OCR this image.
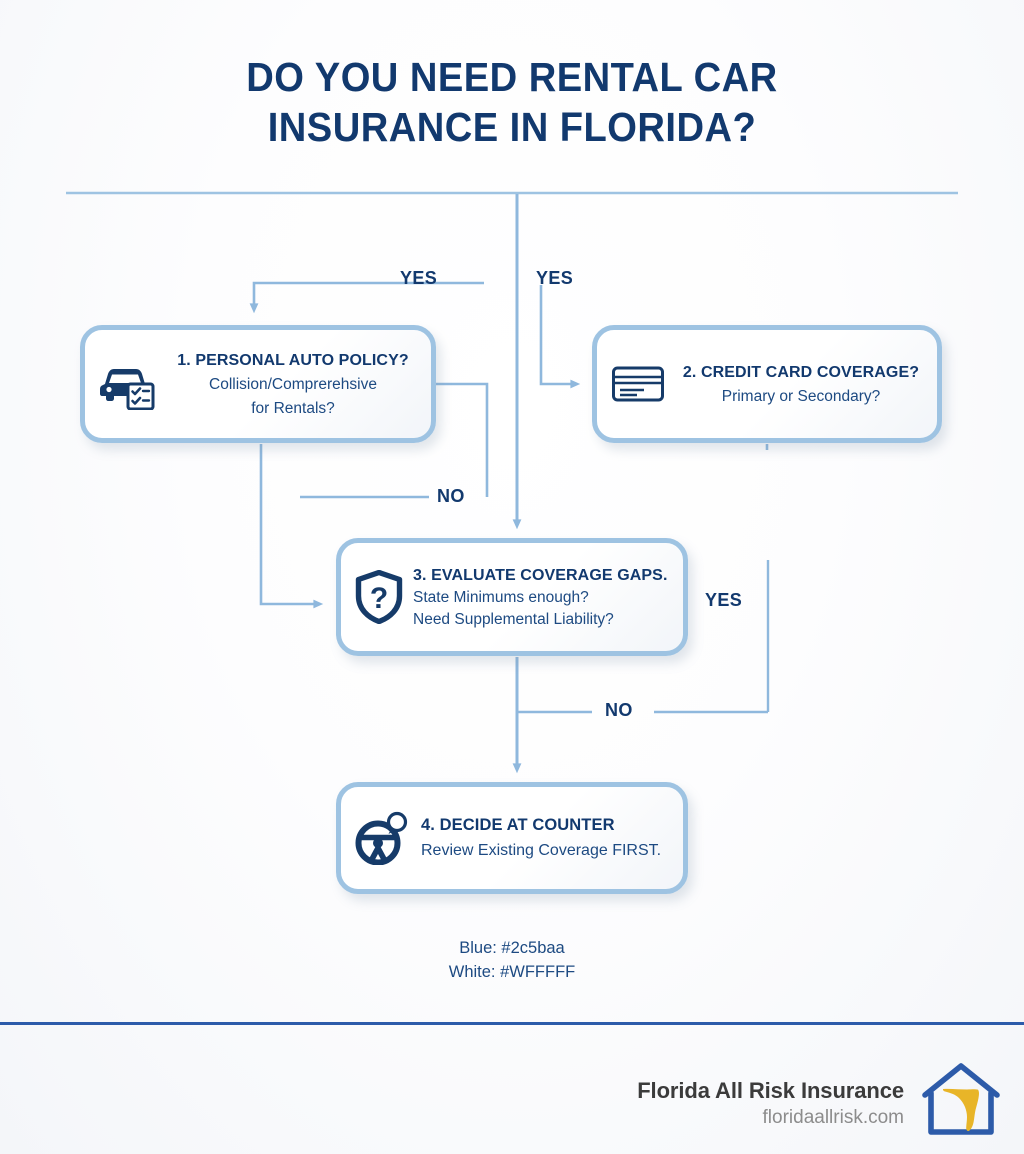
DO YOU NEED RENTAL CAR
INSURANCE IN FLORIDA?
YES	YES
NO
YES
NO
1. PERSONAL AUTO POLICY?
Collision/Comprerehsive
for Rentals?
2. CREDIT CARD COVERAGE?
Primary or Secondary?
?
3. EVALUATE COVERAGE GAPS.
State Minimums enough?
Need Supplemental Liability?
4. DECIDE AT COUNTER
Review Existing Coverage FIRST.
Blue: #2c5baa
White: #WFFFFF
Florida All Risk Insurance
floridaallrisk.com
